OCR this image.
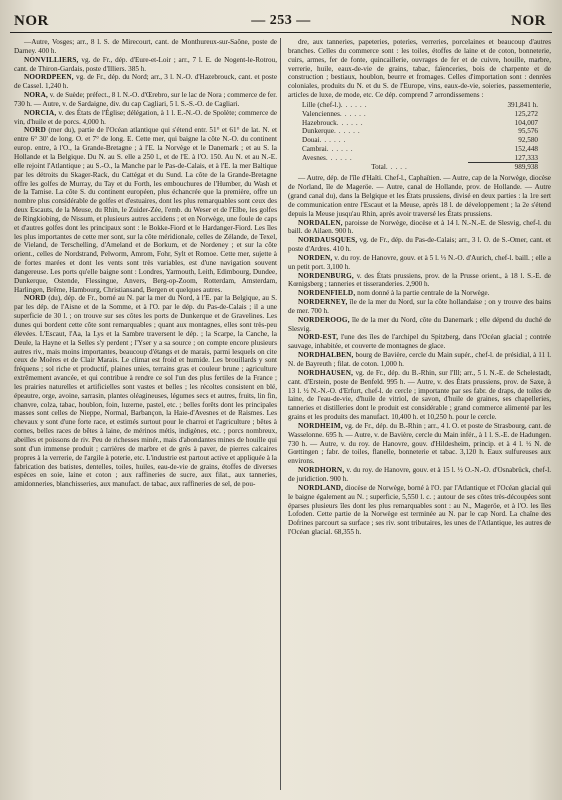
NOR	— 253 —	NOR

—Autre, Vosges; arr., 8 l. S. de Mirecourt, cant. de Monthureux-sur-Saône, poste de Darney. 400 h.

NONVILLIERS, vg. de Fr., dép. d'Eure-et-Loir ; arr., 7 l. E. de Nogent-le-Rotrou, cant. de Thiron-Gardais, poste d'Illiers. 385 h.

NOORDPEEN, vg. de Fr., dép. du Nord; arr., 3 l. N.-O. d'Hazebrouck, cant. et poste de Cassel. 1,240 h.

NORA, v. de Suède; préfect., 8 l. N.-O. d'Œrebro, sur le lac de Nora ; commerce de fer. 730 h. — Autre, v. de Sardaigne, div. du cap Cagliari, 5 l. S.-S.-O. de Cagliari.

NORCIA, v. des États de l'Église; délégation, à 1 l. E.-N.-O. de Spolète; commerce de vin, d'huile et de porcs. 4,000 h.

NORD (mer du), partie de l'Océan atlantique qui s'étend entr. 51° et 61° de lat. N. et entre 6° 30' de long. O. et 7° de long. E. Cette mer, qui baigne la côte N.-O. du continent europ. entre, à l'O., la Grande-Bretagne ; à l'E. la Norvège et le Danemark ; et au S. la Hollande et la Belgique. Du N. au S. elle a 250 l., et de l'E. à l'O. 150. Au N. et au N.-E. elle rejoint l'Atlantique ; au S.-O., la Manche par le Pas-de-Calais, et à l'E. la mer Baltique par les détroits du Skager-Rack, du Cattégat et du Sund. La côte de la Grande-Bretagne offre les golfes de Murray, du Tay et du Forth, les embouchures de l'Humber, du Wash et de la Tamise. La côte S. du continent européen, plus échancrée que la première, offre un nombre plus considérable de golfes et d'estuaires, dont les plus remarquables sont ceux des deux Escauts, de la Meuse, du Rhin, le Zuider-Zée, l'emb. du Weser et de l'Elbe, les golfes de Ringkiobing, de Nissum, et plusieurs autres accidens ; et en Norwège, une foule de caps et d'autres golfes dont les principaux sont : le Bokke-Fiord et le Hardanger-Fiord. Les îles les plus importantes de cette mer sont, sur la côte méridionale, celles de Zélande, de Texel, de Vieland, de Terschelling, d'Ameland et de Borkum, et de Nordeney ; et sur la côte orient., celles de Nordstrand, Pelworm, Amrom, Fohr, Sylt et Romoe. Cette mer, sujette à de fortes marées et dont les vents sont très variables, est d'une navigation souvent dangereuse. Les ports qu'elle baigne sont : Londres, Yarmouth, Leith, Edimbourg, Dundee, Dunkerque, Ostende, Flessingue, Anvers, Berg-op-Zoom, Rotterdam, Amsterdam, Harlingen, Brême, Hambourg, Christiansand, Bergen et quelques autres.

NORD (du), dép. de Fr., borné au N. par la mer du Nord, à l'E. par la Belgique, au S. par les dép. de l'Aisne et de la Somme, et à l'O. par le dép. du Pas-de-Calais ; il a une superficie de 30 l. ; on trouve sur ses côtes les ports de Dunkerque et de Gravelines. Les dunes qui bordent cette côte sont remarquables ; quant aux montagnes, elles sont très-peu élevées. L'Escaut, l'Aa, la Lys et la Sambre traversent le dép. ; la Scarpe, la Canche, la Deule, la Hayne et la Selles s'y perdent ; l'Yser y a sa source ; on compte encore plusieurs autres riv., mais moins importantes, beaucoup d'étangs et de marais, parmi lesquels on cite ceux de Moëres et de Clair Marais. Le climat est froid et humide. Les brouillards y sont fréquens ; sol riche et productif, plaines unies, terrains gras et couleur brune ; agriculture extrêmement avancée, et qui contribue à rendre ce sol l'un des plus fertiles de la France ; les prairies naturelles et artificielles sont vastes et belles ; les récoltes consistent en blé, épeautre, orge, avoine, sarrasin, plantes oléagineuses, légumes secs et autres, fruits, lin fin, chanvre, colza, tabac, houblon, foin, luzerne, pastel, etc. ; belles forêts dont les principales masses sont celles de Nieppe, Normal, Barbançon, la Haie-d'Avesnes et de Raismes. Les chevaux y sont d'une forte race, et estimés surtout pour le charroi et l'agriculture ; bêtes à cornes, belles races de bêtes à laine, de mérinos métis, indigènes, etc. ; porcs nombreux, abeilles et poissons de riv. Peu de richesses minér., mais d'abondantes mines de houille qui sont d'un immense produit ; carrières de marbre et de grès à paver, de pierres calcaires propres à la verrerie, de l'argile à poterie, etc. L'industrie est partout active et appliquée à la fabrication des batistes, dentelles, toiles, huiles, eau-de-vie de grains, étoffes de diverses espèces en soie, laine et coton ; aux raffineries de sucre, aux filat., aux tanneries, amidonneries, blanchisseries, aux manufact. de tabac, aux raffineries de sel, de pou-

dre, aux tanneries, papeteries, poteries, verreries, porcelaines et beaucoup d'autres branches. Celles du commerce sont : les toiles, étoffes de laine et de coton, bonneterie, cuirs, armes, fer de fonte, quincaillerie, ouvrages de fer et de cuivre, houille, marbre, verrerie, huile, eaux-de-vie de grains, tabac, faïenceries, bois de charpente et de construction ; bestiaux, houblon, beurre et fromages. Celles d'importation sont : denrées coloniales, produits du N. et du S. de l'Europe, vins, eaux-de-vie, soieries, passementerie, articles de luxe, de mode, etc. Ce dép. comprend 7 arrondissemens :

Lille (chef-l.)......	391,841 h.
Valenciennes......	125,272
Hazebrouck......	104,007
Dunkerque......	95,576
Douai......	92,580
Cambrai......	152,448
Avesnes......	127,333
Total.....	989,938

— Autre, dép. de l'île d'Haïti. Chef-l., Caphaïtien. — Autre, cap de la Norwège, diocèse de Norland, île de Mageröe. — Autre, canal de Hollande, prov. de Hollande. — Autre (grand canal du), dans la Belgique et les États prussiens, divisé en deux parties : la 1re sert de communication entre l'Escaut et la Meuse, après 18 l. de développement ; la 2e s'étend depuis la Meuse jusqu'au Rhin, après avoir traversé les États prussiens.

NORDALEN, paroisse de Norwège, diocèse et à 14 l. N.-N.-E. de Slesvig, chef-l. du baill. de Ailaen. 900 h.

NORDAUSQUES, vg. de Fr., dép. du Pas-de-Calais; arr., 3 l. O. de S.-Omer, cant. et poste d'Ardres. 410 h.

NORDEN, v. du roy. de Hanovre, gouv. et à 5 l. ⅓ N.-O. d'Aurich, chef-l. baill. ; elle a un petit port. 3,100 h.

NORDENBURG, v. des États prussiens, prov. de la Prusse orient., à 18 l. S.-E. de Kœnigsberg ; tanneries et tisseranderies. 2,900 h.

NORDENFIELD, nom donné à la partie centrale de la Norwège.

NORDERNEY, île de la mer du Nord, sur la côte hollandaise ; on y trouve des bains de mer. 700 h.

NORDEROOG, île de la mer du Nord, côte du Danemark ; elle dépend du duché de Slesvig.

NORD-EST, l'une des îles de l'archipel du Spitzberg, dans l'Océan glacial ; contrée sauvage, inhabitée, et couverte de montagnes de glace.

NORDHALBEN, bourg de Bavière, cercle du Main supér., chef-l. de présidial, à 11 l. N. de Bayreuth ; filat. de coton. 1,000 h.

NORDHAUSEN, vg. de Fr., dép. du B.-Rhin, sur l'Ill; arr., 5 l. N.-E. de Schelestadt, cant. d'Erstein, poste de Benfeld. 995 h. — Autre, v. des États prussiens, prov. de Saxe, à 13 l. ½ N.-N.-O. d'Erfurt, chef-l. de cercle ; importante par ses fabr. de draps, de toiles de laine, de l'eau-de-vie, d'huile de vitriol, de savon, d'huile de graines, ses chapelleries, tanneries et distilleries dont le produit est considérable ; grand commerce alimenté par les grains et les produits des manufact. 10,400 h. et 10,250 h. pour le cercle.

NORDHEIM, vg. de Fr., dép. du B.-Rhin ; arr., 4 l. O. et poste de Strasbourg, cant. de Wasselonne. 695 h. — Autre, v. de Bavière, cercle du Main infér., à 1 l. S.-E. de Hadungen. 730 h. — Autre, v. du roy. de Hanovre, gouv. d'Hildesheim, princip. et à 4 l. ½ N. de Gœttingen ; fabr. de toiles, flanelle, bonneterie et tabac. 3,120 h. Eaux sulfureuses aux environs.

NORDHORN, v. du roy. de Hanovre, gouv. et à 15 l. ½ O.-N.-O. d'Osnabrück, chef-l. de juridiction. 900 h.

NORDLAND, diocèse de Norwège, borné à l'O. par l'Atlantique et l'Océan glacial qui le baigne également au N. ; superficie, 5,550 l. c. ; autour de ses côtes très-découpées sont éparses plusieurs îles dont les plus remarquables sont : au N., Mageröe, et à l'O. les îles Lofoden. Cette partie de la Norwège est terminée au N. par le cap Nord. La chaîne des Dofrines parcourt sa surface ; ses riv. sont tributaires, les unes de l'Atlantique, les autres de l'Océan glacial. 68,355 h.
